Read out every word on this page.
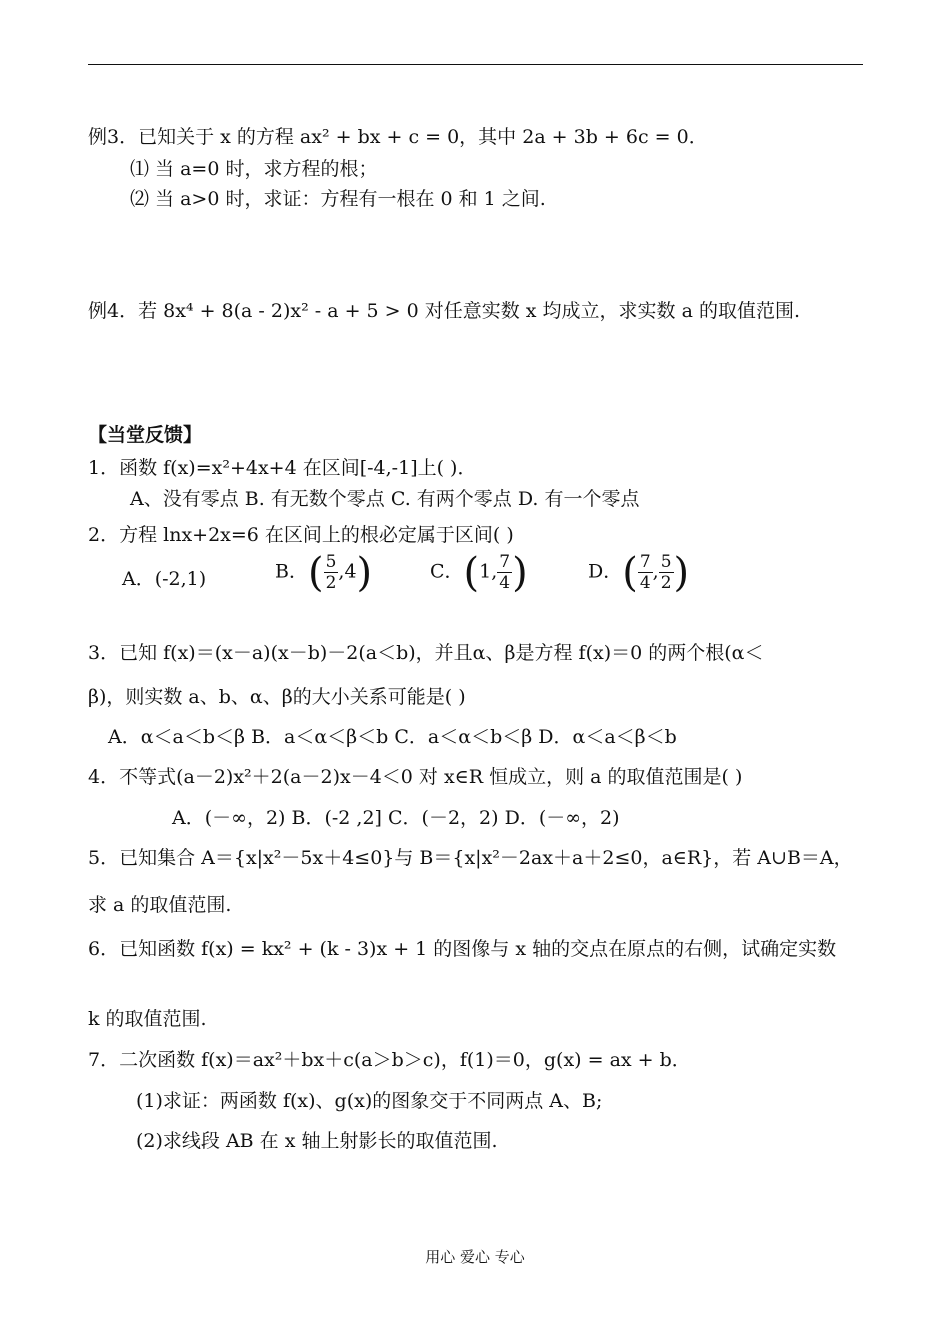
例3．已知关于 x 的方程 ax² + bx + c = 0，其中 2a + 3b + 6c = 0．
⑴ 当 a=0 时，求方程的根；
⑵ 当 a>0 时，求证：方程有一根在 0 和 1 之间.
例4．若 8x⁴ + 8(a - 2)x² - a + 5 > 0 对任意实数 x 均成立，求实数 a 的取值范围.
【当堂反馈】
1．函数 f(x)=x²+4x+4 在区间[-4,-1]上( )．
A、没有零点 B. 有无数个零点 C. 有两个零点 D. 有一个零点
2．方程 lnx+2x=6 在区间上的根必定属于区间( )
A．(-2,1)	B．( $\frac{5}{2} ,4$)	C．(1, $\frac{7}{4}$ )	D．( $\frac{7}{4}$ , $\frac{5}{2}$ )
3．已知 f(x)＝(x－a)(x－b)－2(a＜b)，并且α、β是方程 f(x)＝0 的两个根(α＜
β)，则实数 a、b、α、β的大小关系可能是( )
A．α＜a＜b＜β B．a＜α＜β＜b C．a＜α＜b＜β D．α＜a＜β＜b
4．不等式(a－2)x²＋2(a－2)x－4＜0 对 x∈R 恒成立，则 a 的取值范围是( )
A．(－∞，2) B．(-2 ,2] C．(－2，2) D．(－∞，2)
5．已知集合 A＝{x|x²－5x＋4≤0}与 B＝{x|x²－2ax＋a＋2≤0，a∈R}，若 A∪B＝A，
求 a 的取值范围.
6．已知函数 f(x) = kx² + (k - 3)x + 1 的图像与 x 轴的交点在原点的右侧，试确定实数
k 的取值范围.
7．二次函数 f(x)＝ax²＋bx＋c(a＞b＞c)，f(1)＝0，g(x) = ax + b．
(1)求证：两函数 f(x)、g(x)的图象交于不同两点 A、B;
(2)求线段 AB 在 x 轴上射影长的取值范围.
用心 爱心 专心
